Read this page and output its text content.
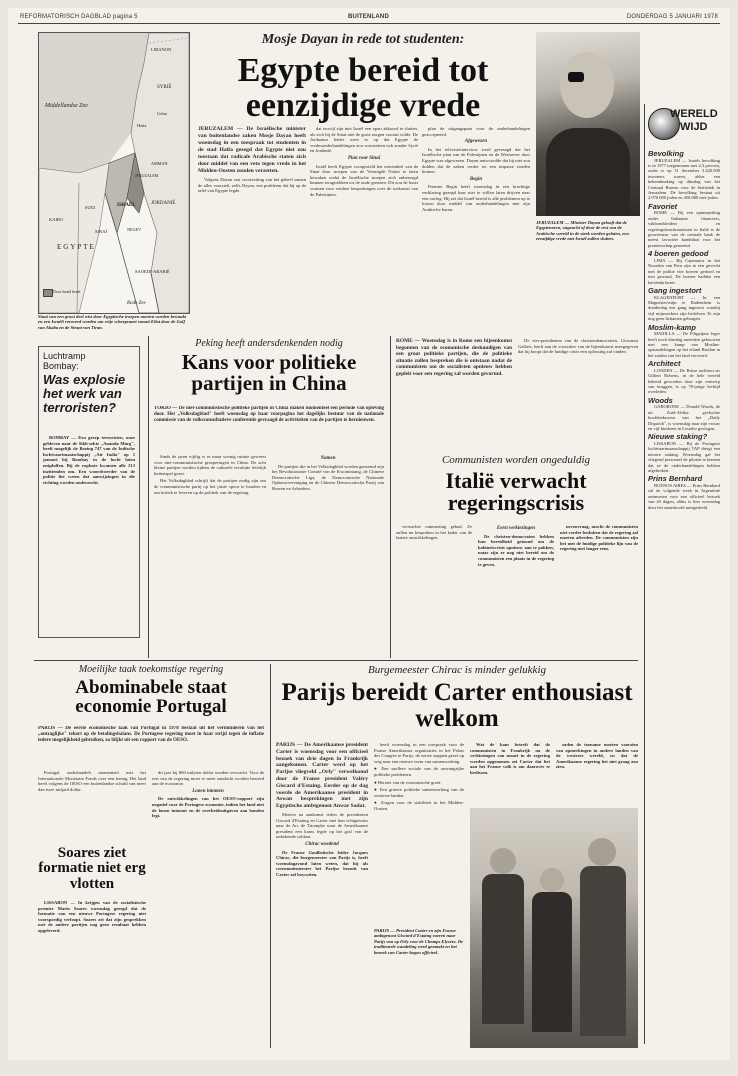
REFORMATORISCH DAGBLAD pagina 5	BUITENLAND	DONDERDAG 5 JANUARI 1978
Middellandse Zee
LIBANON
SYRIË
Haifa
JORDANIË
AMMAN
JERUZALEM
ISRAËL
KAIRO
SUEZ
EGYPTE
NEGEV
SAOEDI-ARABIË
Rode Zee
Golan
SINAÏ
Door Israël bezet
Sinaï van een groot deel wist door Egyptische troepen moeten worden bewaakt en een Israëli veroverd worden om vrije scheepvaart vanuit Eilat door de Golf van Akaba en de Straat van Tiran.
Mosje Dayan in rede tot studenten:
Egypte bereid tot eenzijdige vrede

JERUZALEM — De Israëlische minister van buitenlandse zaken Mosje Dayan heeft woensdag in een toespraak tot studenten in de stad Haifa gezegd dat Egypte niet zou toestaan dat radicale Arabische staten zich door middel van een veto tegen vrede in het Midden-Oosten zouden verzetten.

Volgens Dayan zou voortzetting van het geheel samen de alles voorstelt, zelfs Dayan, een probleem dat hij op de tafel van Egypte legde.

dat terwijl zijn niet Israël een apart akkoord te sluiten, als zich bij de Sinaï niet de grote zorgen vooruit wilde. De Jordaanse leider wees er op dat Egypte de vredesonderhandelingen zou voortzetten ook zonder Syrië en Jordanië.

Plan voor Sinaï

Israël heeft Egypte voorgesteld het merendeel van de Sinaï door troepen van de Verenigde Naties te laten bewaken zodat de Israëlische troepen zich onbezorgd kunnen terugtrekken tot de oude grenzen. Dit zou de basis vormen voor verdere besprekingen over de toekomst van de Palestijnen.

plan de uitgangspunt voor de onderhandelingen geaccepteerd.

Afgewezen

In het televisieinterview werd gevraagd dat het Israëlische plan van de Palestijnen en de Westoever door Egypte was afgewezen. Dayan antwoordde dat hij niet zou dulden dat de zaken verder tot een impasse zouden komen.

Begin

Premier Begin heeft woensdag in een krachtige verklaring gezegd haar niet te willen laten drijven naar een oorlog. Hij zei dat Israël bereid is alle problemen op te lossen door middel van onderhandelingen met zijn Arabische buren.

JERUZALEM — Minister Dayan gelooft dat de Egyptenaren, ongeacht of door de rest van de Arabische wereld in de steek worden gelaten, een eenzijdige vrede met Israël zullen sluiten.
WERELD
WIJD
Bevolking

JERUZALEM — Israëls bevolking is in 1977 toegenomen met 2,3 procent, zodat er op 31 december 3.420.000 inwoners waren, aldus een bekendmaking op dinsdag van het Centraal Bureau voor de Statistiek in Jeruzalem. De bevolking bestaat uit 2.970.000 joden en 450.000 niet-joden.

Favoriet

ROME — Bij een opiniepeiling onder Italiaanse financiers, vakbondsleiders en regeringsfunctionarissen in Italië is de gouverneur van de centrale bank de meest favoriete kandidaat voor het premierschap genoemd.

4 boeren gedood

LIMA — Bij Cajamarca in het Noorden van Peru zijn in een gevecht met de politie vier boeren gedood en tien gewond. De boeren hadden een haciënda bezet.

Gang ingestort

KLAGENFURT — In een Magnesiet-mijn te Radenthein is donderdag een gang ingestort waarbij vijf mijnwerkers zijn bedolven. Er zijn nog geen lichamen geborgen.

Moslim-kamp

MANILLA — De Filippijnse leger heeft noch dinsdag meerdere gebouwen met een kamp van Moslim-opstandelingen op het eiland Basilan in het zuiden van het land veroverd.

Architect

LONDEN — De Britse architect sir Gilbert Roberts, in de hele wereld bekend geworden door zijn ontwerp van bruggen, is op 78-jarige leeftijd overleden.

Woods

GABORONE — Donald Woods, de uit Zuid-Afrika gevluchte hoofdredacteur van het „Daily Dispatch", is woensdag naar zijn vrouw en vijf kinderen in Lesotho gevlogen.

Nieuwe staking?

LISSABON — Bij de Portugese luchtvaartmaatschappij TAP dreigt een nieuwe staking. Woensdag gaf het vliegend personeel de piloten te kennen dat ze de onderhandelingen hebben afgebroken.

Prins Bernhard

BUENOS AIRES — Prins Bernhard zal de volgende week in Argentinië ontmoeten voor een officieel bezoek van 20 dagen, aldus is hier woensdag door het staatshoofd meegedeeld.

Luchtramp
Bombay:
Was explosie het werk van terroristen?

BOMBAY — Een groep terroristen, onze gebleven naar de Sikh-sekte „Ananda Marg", heeft mogelijk de Boeing 747 van de Indische luchtvaartmaatschappij „Air India" op 1 januari bij Bombay in de lucht laten ontploffen. Bij de explosie kwamen alle 213 inzittenden om. Een woordvoerder van de politie liet weten dat aanwijzingen in die richting worden onderzocht.

Peking heeft andersdenkenden nodig
Kans voor politieke partijen in China

TOKIO — De niet-communistische politieke partijen in China maken momenteel een periode van opleving door. Het „Volksdagblad" heeft woensdag op haar voorpagina het dagelijks bestuur van de nationale commissie van de volksconsultatieve conferentie gevraagd de activiteiten van de partijen te hernieuwen.

Sinds de jaren vijftig is er maar weinig ruimte geweest voor niet-communistische groeperingen in China. De acht kleine partijen werden tijdens de culturele revolutie feitelijk buitenspel gezet.

Het Volksdagblad schrijft dat de partijen nodig zijn om de communistische partij op het juiste spoor te houden en om kritiek te leveren op de politiek van de regering.

Namen

De partijen die in het Volksdagblad worden genoemd zijn het Revolutionaire Comité van de Kwomintang, de Chinese Democratische Liga, de Democratische Nationale Opbouwvereniging en de Chinese Democratische Partij van Boeren en Arbeiders.

ROME — Woensdag is in Rome een bijeenkomst begonnen van de economische deskundigen van een groot politieke partijen, die de politieke situatie zullen bespreken die is ontstaan nadat de communisten om de socialisten opnieuw hebben gepleit voor een regering zal worden gevormd.

De vier-presidenten van de christendemocraten, Giovanni Gallavi, heeft aan de voorzitter van de bijeenkomst meegegeven dat hij hoopt dat de huidige crisis een oplossing zal vinden.

Communisten worden ongeduldig
Italië verwacht regeringscrisis

verwachte ontmoeting gehad. Ze zullen nu bespreken in het kader van de laatste ontwikkelingen.

Eerst verkiezingen

De christen-democraten hebben hun bereidheid getoond om de kabinetscrisis opnieuw aan te pakken, maar zijn ze nog niet bereid om de communisten een plaats in de regering te geven.

nevenvraag, mocht de communisten niet verder besluiten dat de regering zal moeten aftreden. De communisten zijn het met de huidige politieke lijn van de regering niet langer eens.

Moeilijke taak toekomstige regering
Abominabele staat economie Portugal

PARIJS — De eerste economische taak van Portugal in 1978 bestaat uit het verminderen van het „ontzaglijke" tekort op de betalingsbalans. De Portugese regering moet in haar strijd tegen de inflatie iedere mogelijkheid gebruiken, zo blijkt uit een rapport van de OESO.

Portugal onderhandelt momenteel met het Internationale Monetaire Fonds over een lening. Het land heeft volgens de OESO een buitenlandse schuld van meer dan twee miljard dollar.

dit jaar bij 800 miljoen dollar worden verwacht. Voor de rest van de regering moet er meer aandacht worden besteed aan de economie.

Lonen intomen

De ontwikkelingen van het OESO-rapport zijn negatief voor de Portugese economie, indien het land niet de lonen intoomt en de overheidsuitgaven aan banden legt.

Soares ziet formatie niet erg vlotten

LISSABON — In krijgen van de socialistische premier Mario Soares woensdag gezegd dat de formatie van een nieuwe Portugese regering niet voorspoedig verloopt. Soares zei dat zijn gesprekken met de andere partijen nog geen resultaat hebben opgeleverd.

Burgemeester Chirac is minder gelukkig
Parijs bereidt Carter enthousiast welkom

PARIJS — De Amerikaanse president Carter is woensdag voor een officieel bezoek van drie dagen in Frankrijk aangekomen. Carter werd op het Parijse vliegveld „Orly" verwelkomd door de Franse president Valéry Giscard d'Estaing. Eerder op de dag voerde de Amerikaanse president in Aswan besprekingen met zijn Egyptische ambtgenoot Anwar Sadat.

Meteen na aankomst reden de presidenten Giscard d'Estaing en Carter met hun echtgenotes naar de Arc de Triomphe waar de Amerikaanse president een krans legde op het graf van de onbekende soldaat.

Chirac woedend

De Franse Gaullistische leider Jacques Chirac, die burgemeester van Parijs is, heeft woensdagavond laten weten, dat hij als ceremoniemeester het Parijse bezoek van Carter zal boycotten.

heeft woensdag in een toespraak voor de Franse Amerikaanse organisaties in het Palais des Congrès te Parijs, de eerste stappen gezet op weg naar een nieuwe vorm van samenwerking.

● Een snellere sociale van de omvangrijke politieke problemen.

● Herziet van de economische groei.

● Een grotere politieke samenwerking van de westerse landen.

● Zorgen voor de stabiliteit in het Midden-Oosten.

PARIJS — President Carter en zijn Franse ambtgenoot Giscard d'Estaing voeren naar Parijs van op Orly voor de Champs Elysées. De traditionele wandeling werd gemaakt en het bezoek van Carter begon officieel.

Wat de kans betreft dat de communisten in Frankrijk na de verkiezingen van maart in de regering worden opgenomen zei Carter dat het aan het Franse volk is om daarover te beslissen.

zaden de toename moeten voorzien van opmerkingen in andere landen van de westerse wereld, en dat de Amerikaanse regering het niet graag zou zien.
